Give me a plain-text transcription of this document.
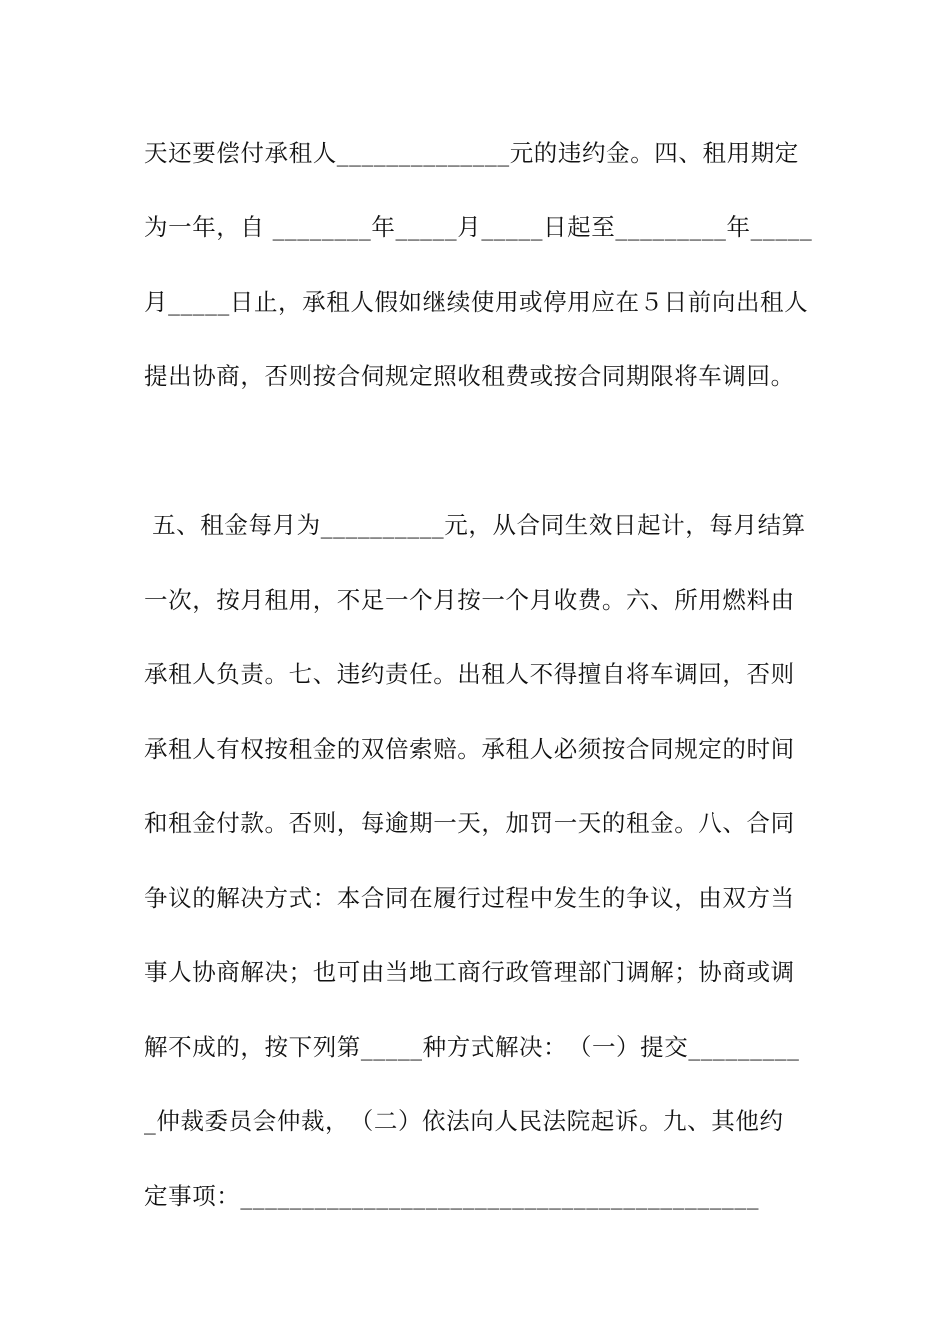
天还要偿付承租人______________元的违约金。四、租用期定
为一年，自 ________年_____月_____日起至_________年_____
月_____日止，承租人假如继续使用或停用应在５日前向出租人
提出协商，否则按合伺规定照收租费或按合同期限将车调回。
五、租金每月为__________元，从合同生效日起计，每月结算
一次，按月租用，不足一个月按一个月收费。六、所用燃料由
承租人负责。七、违约责任。出租人不得擅自将车调回，否则
承租人有权按租金的双倍索赔。承租人必须按合同规定的时间
和租金付款。否则，每逾期一天，加罚一天的租金。八、合同
争议的解决方式：本合同在履行过程中发生的争议，由双方当
事人协商解决；也可由当地工商行政管理部门调解；协商或调
解不成的，按下列第_____种方式解决：　（一）提交_________
_仲裁委员会仲裁，　（二）依法向人民法院起诉。九、其他约
定事项：__________________________________________
